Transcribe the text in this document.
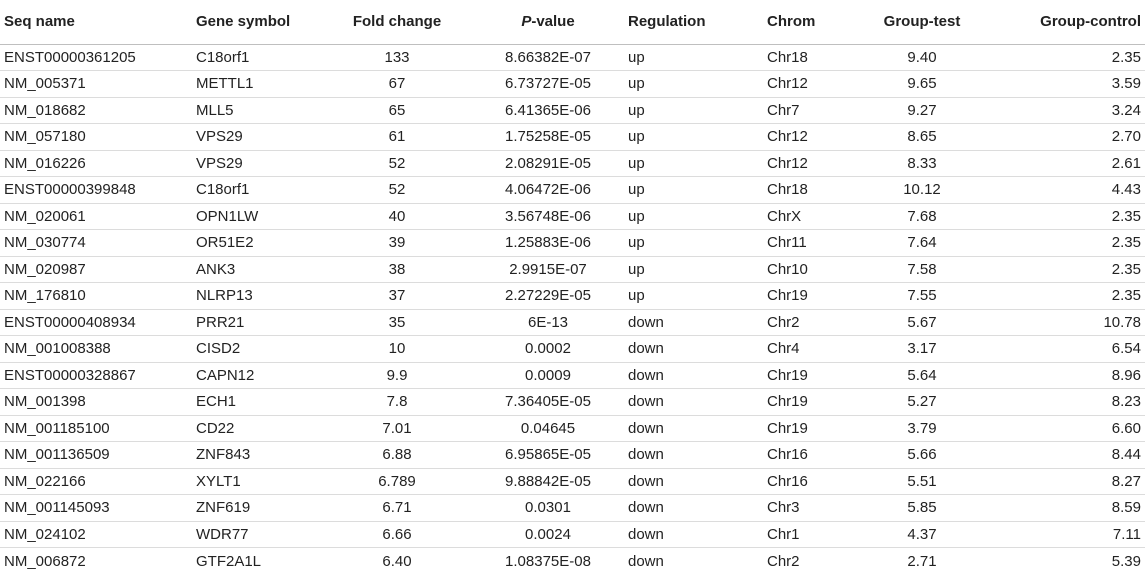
Seq name	Gene symbol	Fold change	P-value	Regulation	Chrom	Group-test	Group-control
ENST00000361205	C18orf1	133	8.66382E-07	up	Chr18	9.40	2.35
NM_005371	METTL1	67	6.73727E-05	up	Chr12	9.65	3.59
NM_018682	MLL5	65	6.41365E-06	up	Chr7	9.27	3.24
NM_057180	VPS29	61	1.75258E-05	up	Chr12	8.65	2.70
NM_016226	VPS29	52	2.08291E-05	up	Chr12	8.33	2.61
ENST00000399848	C18orf1	52	4.06472E-06	up	Chr18	10.12	4.43
NM_020061	OPN1LW	40	3.56748E-06	up	ChrX	7.68	2.35
NM_030774	OR51E2	39	1.25883E-06	up	Chr11	7.64	2.35
NM_020987	ANK3	38	2.9915E-07	up	Chr10	7.58	2.35
NM_176810	NLRP13	37	2.27229E-05	up	Chr19	7.55	2.35
ENST00000408934	PRR21	35	6E-13	down	Chr2	5.67	10.78
NM_001008388	CISD2	10	0.0002	down	Chr4	3.17	6.54
ENST00000328867	CAPN12	9.9	0.0009	down	Chr19	5.64	8.96
NM_001398	ECH1	7.8	7.36405E-05	down	Chr19	5.27	8.23
NM_001185100	CD22	7.01	0.04645	down	Chr19	3.79	6.60
NM_001136509	ZNF843	6.88	6.95865E-05	down	Chr16	5.66	8.44
NM_022166	XYLT1	6.789	9.88842E-05	down	Chr16	5.51	8.27
NM_001145093	ZNF619	6.71	0.0301	down	Chr3	5.85	8.59
NM_024102	WDR77	6.66	0.0024	down	Chr1	4.37	7.11
NM_006872	GTF2A1L	6.40	1.08375E-08	down	Chr2	2.71	5.39
